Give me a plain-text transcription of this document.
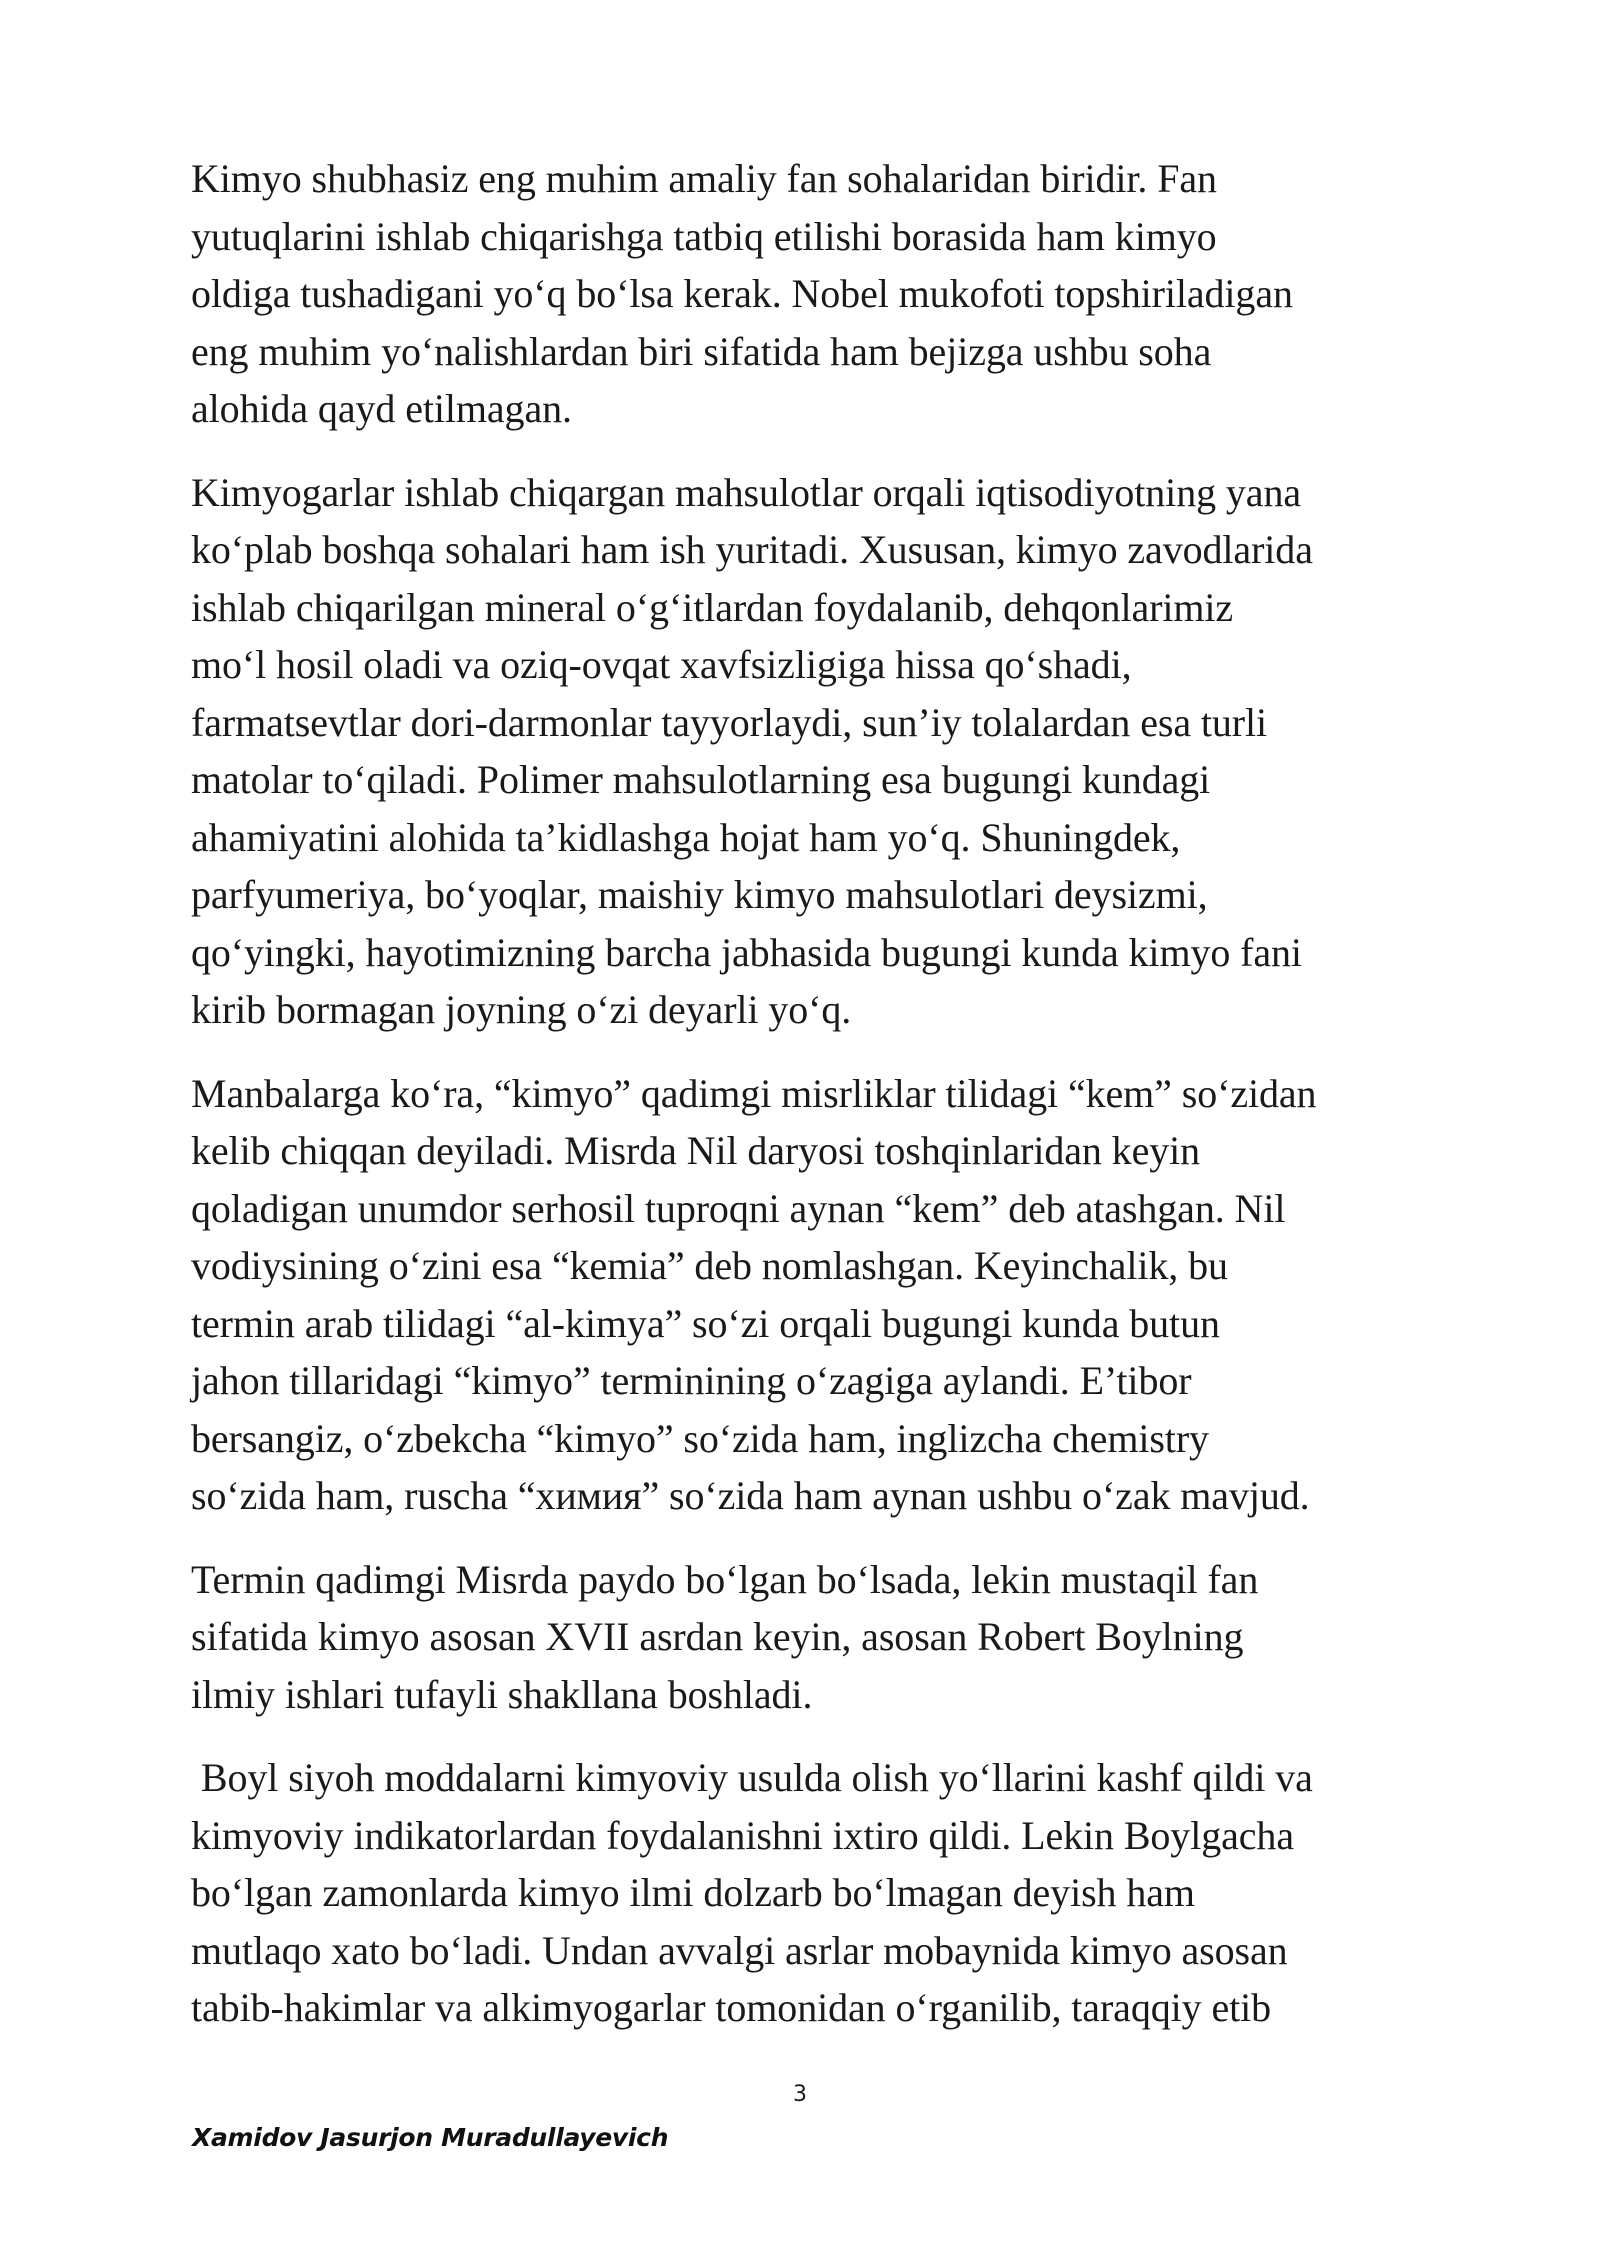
Kimyo shubhasiz eng muhim amaliy fan sohalaridan biridir. Fan
yutuqlarini ishlab chiqarishga tatbiq etilishi borasida ham kimyo
oldiga tushadigani yo‘q bo‘lsa kerak. Nobel mukofoti topshiriladigan
eng muhim yo‘nalishlardan biri sifatida ham bejizga ushbu soha
alohida qayd etilmagan.

Kimyogarlar ishlab chiqargan mahsulotlar orqali iqtisodiyotning yana
ko‘plab boshqa sohalari ham ish yuritadi. Xususan, kimyo zavodlarida
ishlab chiqarilgan mineral o‘g‘itlardan foydalanib, dehqonlarimiz
mo‘l hosil oladi va oziq-ovqat xavfsizligiga hissa qo‘shadi,
farmatsevtlar dori-darmonlar tayyorlaydi, sun’iy tolalardan esa turli
matolar to‘qiladi. Polimer mahsulotlarning esa bugungi kundagi
ahamiyatini alohida ta’kidlashga hojat ham yo‘q. Shuningdek,
parfyumeriya, bo‘yoqlar, maishiy kimyo mahsulotlari deysizmi,
qo‘yingki, hayotimizning barcha jabhasida bugungi kunda kimyo fani
kirib bormagan joyning o‘zi deyarli yo‘q.

Manbalarga ko‘ra, “kimyo” qadimgi misrliklar tilidagi “kem” so‘zidan
kelib chiqqan deyiladi. Misrda Nil daryosi toshqinlaridan keyin
qoladigan unumdor serhosil tuproqni aynan “kem” deb atashgan. Nil
vodiysining o‘zini esa “kemia” deb nomlashgan. Keyinchalik, bu
termin arab tilidagi “al-kimya” so‘zi orqali bugungi kunda butun
jahon tillaridagi “kimyo” terminining o‘zagiga aylandi. E’tibor
bersangiz, o‘zbekcha “kimyo” so‘zida ham, inglizcha chemistry
so‘zida ham, ruscha “химия” so‘zida ham aynan ushbu o‘zak mavjud.

Termin qadimgi Misrda paydo bo‘lgan bo‘lsada, lekin mustaqil fan
sifatida kimyo asosan XVII asrdan keyin, asosan Robert Boylning
ilmiy ishlari tufayli shakllana boshladi.

Boyl siyoh moddalarni kimyoviy usulda olish yo‘llarini kashf qildi va
kimyoviy indikatorlardan foydalanishni ixtiro qildi. Lekin Boylgacha
bo‘lgan zamonlarda kimyo ilmi dolzarb bo‘lmagan deyish ham
mutlaqo xato bo‘ladi. Undan avvalgi asrlar mobaynida kimyo asosan
tabib-hakimlar va alkimyogarlar tomonidan o‘rganilib, taraqqiy etib

3
Xamidov Jasurjon Muradullayevich
